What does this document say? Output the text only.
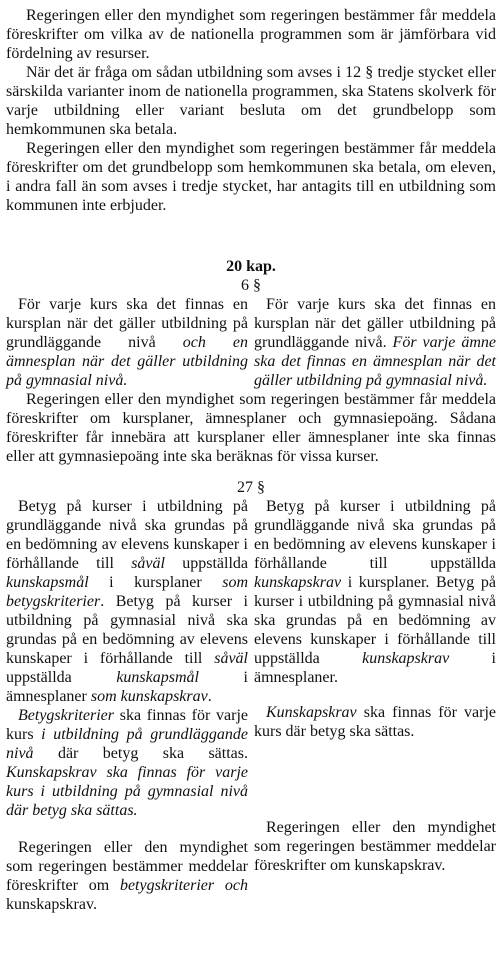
Regeringen eller den myndighet som regeringen bestämmer får meddela föreskrifter om vilka av de nationella programmen som är jämförbara vid fördelning av resurser.

När det är fråga om sådan utbildning som avses i 12 § tredje stycket eller särskilda varianter inom de nationella programmen, ska Statens skolverk för varje utbildning eller variant besluta om det grundbelopp som hemkommunen ska betala.

Regeringen eller den myndighet som regeringen bestämmer får meddela föreskrifter om det grundbelopp som hemkommunen ska betala, om eleven, i andra fall än som avses i tredje stycket, har antagits till en utbildning som kommunen inte erbjuder.

20 kap.
6 §

För varje kurs ska det finnas en kursplan när det gäller utbildning på grundläggande nivå och en ämnesplan när det gäller utbildning på gymnasial nivå.

För varje kurs ska det finnas en kursplan när det gäller utbildning på grundläggande nivå. För varje ämne ska det finnas en ämnesplan när det gäller utbildning på gymnasial nivå.

Regeringen eller den myndighet som regeringen bestämmer får meddela föreskrifter om kursplaner, ämnesplaner och gymnasiepoäng. Sådana föreskrifter får innebära att kursplaner eller ämnesplaner inte ska finnas eller att gymnasiepoäng inte ska beräknas för vissa kurser.

27 §

Betyg på kurser i utbildning på grundläggande nivå ska grundas på en bedömning av elevens kunskaper i förhållande till såväl uppställda kunskapsmål i kursplaner som betygskriterier. Betyg på kurser i utbildning på gymnasial nivå ska grundas på en bedömning av elevens kunskaper i förhållande till såväl uppställda kunskapsmål i ämnesplaner som kunskapskrav.

Betygskriterier ska finnas för varje kurs i utbildning på grundläggande nivå där betyg ska sättas. Kunskapskrav ska finnas för varje kurs i utbildning på gymnasial nivå där betyg ska sättas.

Regeringen eller den myndighet som regeringen bestämmer meddelar föreskrifter om betygskriterier och kunskapskrav.

Betyg på kurser i utbildning på grundläggande nivå ska grundas på en bedömning av elevens kunskaper i förhållande till uppställda kunskapskrav i kursplaner. Betyg på kurser i utbildning på gymnasial nivå ska grundas på en bedömning av elevens kunskaper i förhållande till uppställda kunskapskrav i ämnesplaner.

Kunskapskrav ska finnas för varje kurs där betyg ska sättas.

Regeringen eller den myndighet som regeringen bestämmer meddelar föreskrifter om kunskapskrav.
